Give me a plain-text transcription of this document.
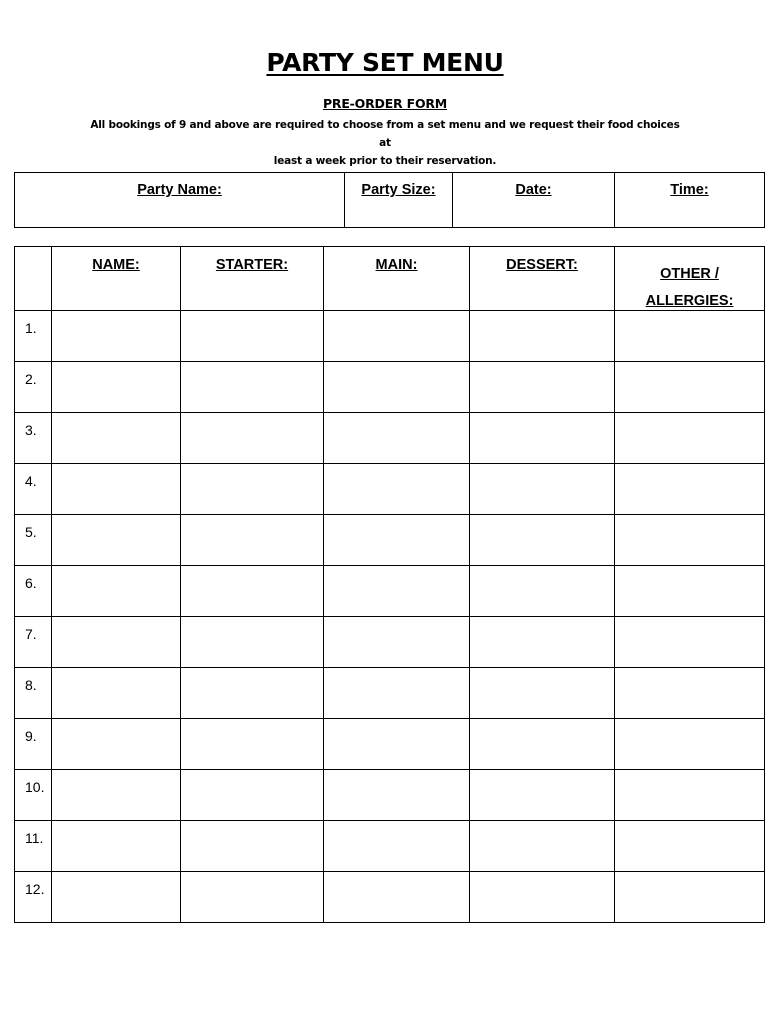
PARTY SET MENU
PRE-ORDER FORM
All bookings of 9 and above are required to choose from a set menu and we request their food choices at
least a week prior to their reservation.
Party Name:	Party Size:	Date:	Time:

	NAME:	STARTER:	MAIN:	DESSERT:	OTHER /
ALLERGIES:

1.					

2.					

3.					

4.					

5.					

6.					

7.					

8.					

9.					

10.					

11.					

12.					
